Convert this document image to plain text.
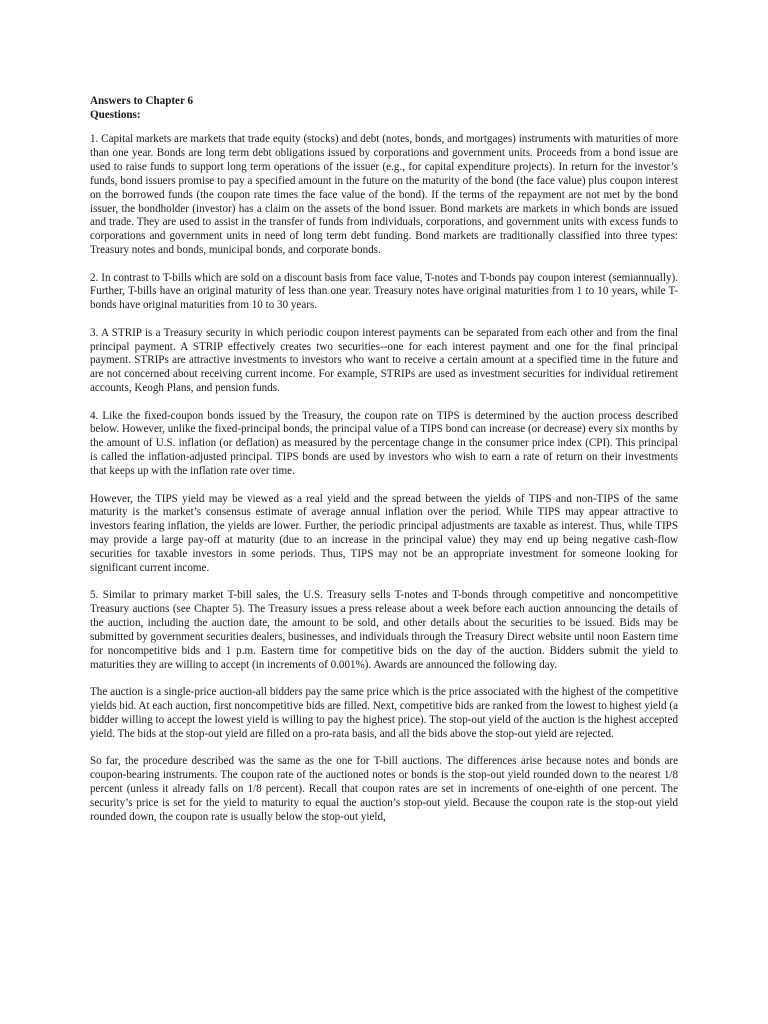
Answers to Chapter 6

Questions:

1. Capital markets are markets that trade equity (stocks) and debt (notes, bonds, and mortgages) instruments with maturities of more than one year. Bonds are long term debt obligations issued by corporations and government units. Proceeds from a bond issue are used to raise funds to support long term operations of the issuer (e.g., for capital expenditure projects). In return for the investor’s funds, bond issuers promise to pay a specified amount in the future on the maturity of the bond (the face value) plus coupon interest on the borrowed funds (the coupon rate times the face value of the bond). If the terms of the repayment are not met by the bond issuer, the bondholder (investor) has a claim on the assets of the bond issuer. Bond markets are markets in which bonds are issued and trade. They are used to assist in the transfer of funds from individuals, corporations, and government units with excess funds to corporations and government units in need of long term debt funding. Bond markets are traditionally classified into three types: Treasury notes and bonds, municipal bonds, and corporate bonds.

2. In contrast to T-bills which are sold on a discount basis from face value, T-notes and T-bonds pay coupon interest (semiannually). Further, T-bills have an original maturity of less than one year. Treasury notes have original maturities from 1 to 10 years, while T-bonds have original maturities from 10 to 30 years.

3. A STRIP is a Treasury security in which periodic coupon interest payments can be separated from each other and from the final principal payment. A STRIP effectively creates two securities--one for each interest payment and one for the final principal payment. STRIPs are attractive investments to investors who want to receive a certain amount at a specified time in the future and are not concerned about receiving current income. For example, STRIPs are used as investment securities for individual retirement accounts, Keogh Plans, and pension funds.

4. Like the fixed-coupon bonds issued by the Treasury, the coupon rate on TIPS is determined by the auction process described below. However, unlike the fixed-principal bonds, the principal value of a TIPS bond can increase (or decrease) every six months by the amount of U.S. inflation (or deflation) as measured by the percentage change in the consumer price index (CPI). This principal is called the inflation-adjusted principal. TIPS bonds are used by investors who wish to earn a rate of return on their investments that keeps up with the inflation rate over time.

However, the TIPS yield may be viewed as a real yield and the spread between the yields of TIPS and non-TIPS of the same maturity is the market’s consensus estimate of average annual inflation over the period. While TIPS may appear attractive to investors fearing inflation, the yields are lower. Further, the periodic principal adjustments are taxable as interest. Thus, while TIPS may provide a large pay-off at maturity (due to an increase in the principal value) they may end up being negative cash-flow securities for taxable investors in some periods. Thus, TIPS may not be an appropriate investment for someone looking for significant current income.

5. Similar to primary market T-bill sales, the U.S. Treasury sells T-notes and T-bonds through competitive and noncompetitive Treasury auctions (see Chapter 5). The Treasury issues a press release about a week before each auction announcing the details of the auction, including the auction date, the amount to be sold, and other details about the securities to be issued. Bids may be submitted by government securities dealers, businesses, and individuals through the Treasury Direct website until noon Eastern time for noncompetitive bids and 1 p.m. Eastern time for competitive bids on the day of the auction. Bidders submit the yield to maturities they are willing to accept (in increments of 0.001%). Awards are announced the following day.

The auction is a single-price auction-all bidders pay the same price which is the price associated with the highest of the competitive yields bid. At each auction, first noncompetitive bids are filled. Next, competitive bids are ranked from the lowest to highest yield (a bidder willing to accept the lowest yield is willing to pay the highest price). The stop-out yield of the auction is the highest accepted yield. The bids at the stop-out yield are filled on a pro-rata basis, and all the bids above the stop-out yield are rejected.

So far, the procedure described was the same as the one for T-bill auctions. The differences arise because notes and bonds are coupon-bearing instruments. The coupon rate of the auctioned notes or bonds is the stop-out yield rounded down to the nearest 1/8 percent (unless it already falls on 1/8 percent). Recall that coupon rates are set in increments of one-eighth of one percent. The security’s price is set for the yield to maturity to equal the auction’s stop-out yield. Because the coupon rate is the stop-out yield rounded down, the coupon rate is usually below the stop-out yield,
